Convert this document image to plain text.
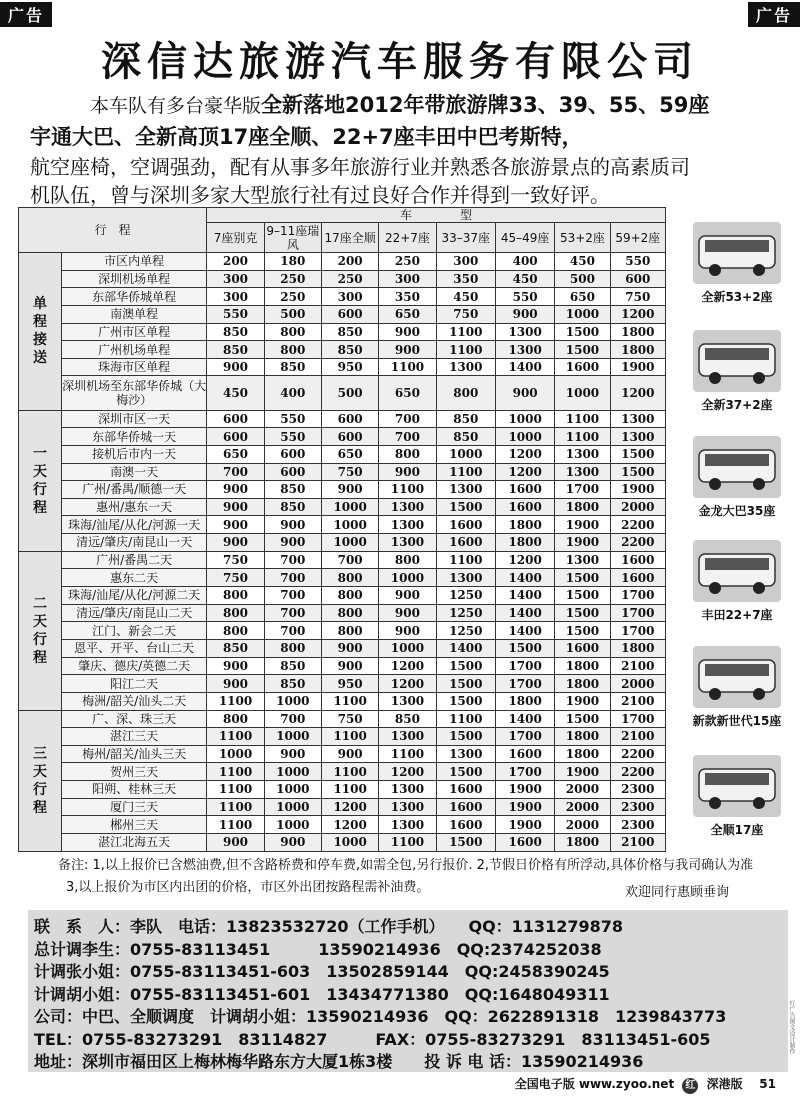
广告	广告
深信达旅游汽车服务有限公司
本车队有多台豪华版全新落地2012年带旅游牌33、39、55、59座
宇通大巴、全新高顶17座全顺、22+7座丰田中巴考斯特，
航空座椅，空调强劲，配有从事多年旅游行业并熟悉各旅游景点的高素质司
机队伍，曾与深圳多家大型旅行社有过良好合作并得到一致好评。
行　程		车　　　　型							
		7座别克	9–11座瑞风	17座全顺	22+7座	33–37座	45–49座	53+2座	59+2座
单程接送	市区内单程	200	180	200	250	300	400	450	550
	深圳机场单程	300	250	250	300	350	450	500	600
	东部华侨城单程	300	250	300	350	450	550	650	750
	南澳单程	550	500	600	650	750	900	1000	1200
	广州市区单程	850	800	850	900	1100	1300	1500	1800
	广州机场单程	850	800	850	900	1100	1300	1500	1800
	珠海市区单程	900	850	950	1100	1300	1400	1600	1900
	深圳机场至东部华侨城（大梅沙）	450	400	500	650	800	900	1000	1200
一天行程	深圳市区一天	600	550	600	700	850	1000	1100	1300
	东部华侨城一天	600	550	600	700	850	1000	1100	1300
	接机后市内一天	650	600	650	800	1000	1200	1300	1500
	南澳一天	700	600	750	900	1100	1200	1300	1500
	广州/番禺/顺德一天	900	850	900	1100	1300	1600	1700	1900
	惠州/惠东一天	900	850	1000	1300	1500	1600	1800	2000
	珠海/汕尾/从化/河源一天	900	900	1000	1300	1600	1800	1900	2200
	清远/肇庆/南昆山一天	900	900	1000	1300	1600	1800	1900	2200
二天行程	广州/番禺二天	750	700	700	800	1100	1200	1300	1600
	惠东二天	750	700	800	1000	1300	1400	1500	1600
	珠海/汕尾/从化/河源二天	800	700	800	900	1250	1400	1500	1700
	清远/肇庆/南昆山二天	800	700	800	900	1250	1400	1500	1700
	江门、新会二天	800	700	800	900	1250	1400	1500	1700
	恩平、开平、台山二天	850	800	900	1000	1400	1500	1600	1800
	肇庆、德庆/英德二天	900	850	900	1200	1500	1700	1800	2100
	阳江二天	900	850	950	1200	1500	1700	1800	2000
	梅洲/韶关/汕头二天	1100	1000	1100	1300	1500	1800	1900	2100
三天行程	广、深、珠三天	800	700	750	850	1100	1400	1500	1700
	湛江三天	1100	1000	1100	1300	1500	1700	1800	2100
	梅州/韶关/汕头三天	1000	900	900	1100	1300	1600	1800	2200
	贺州三天	1100	1000	1100	1200	1500	1700	1900	2200
	阳朔、桂林三天	1100	1000	1100	1300	1600	1900	2000	2300
	厦门三天	1100	1000	1200	1300	1600	1900	2000	2300
	郴州三天	1100	1000	1200	1300	1600	1900	2000	2300
	湛江北海五天	900	900	1000	1100	1500	1600	1800	2100
全新53+2座
全新37+2座
金龙大巴35座
丰田22+7座
新款新世代15座
全顺17座
备注: 1,以上报价已含燃油费,但不含路桥费和停车费,如需全包,另行报价. 2,节假日价格有所浮动,具体价格与我司确认为准
3,以上报价为市区内出团的价格，市区外出团按路程需补油费。	欢迎同行惠顾垂询
联　系　人：李队　电话：13823532720（工作手机）　　QQ：1131279878
总计调李生：0755-83113451　　　13590214936　QQ:2374252038
计调张小姐：0755-83113451-603　13502859144　QQ:2458390245
计调胡小姐：0755-83113451-601　13434771380　QQ:1648049311
公司：中巴、全顺调度　计调胡小姐：13590214936　QQ：2622891318　1239843773
TEL：0755-83273291　83114827　　　FAX：0755-83273291　83113451-605
地址：深圳市福田区上梅林梅华路东方大厦1栋3楼　　投 诉 电 话：13590214936
全国电子版 www.zyoo.net 红 深港版 51
红广告图文设计制作
